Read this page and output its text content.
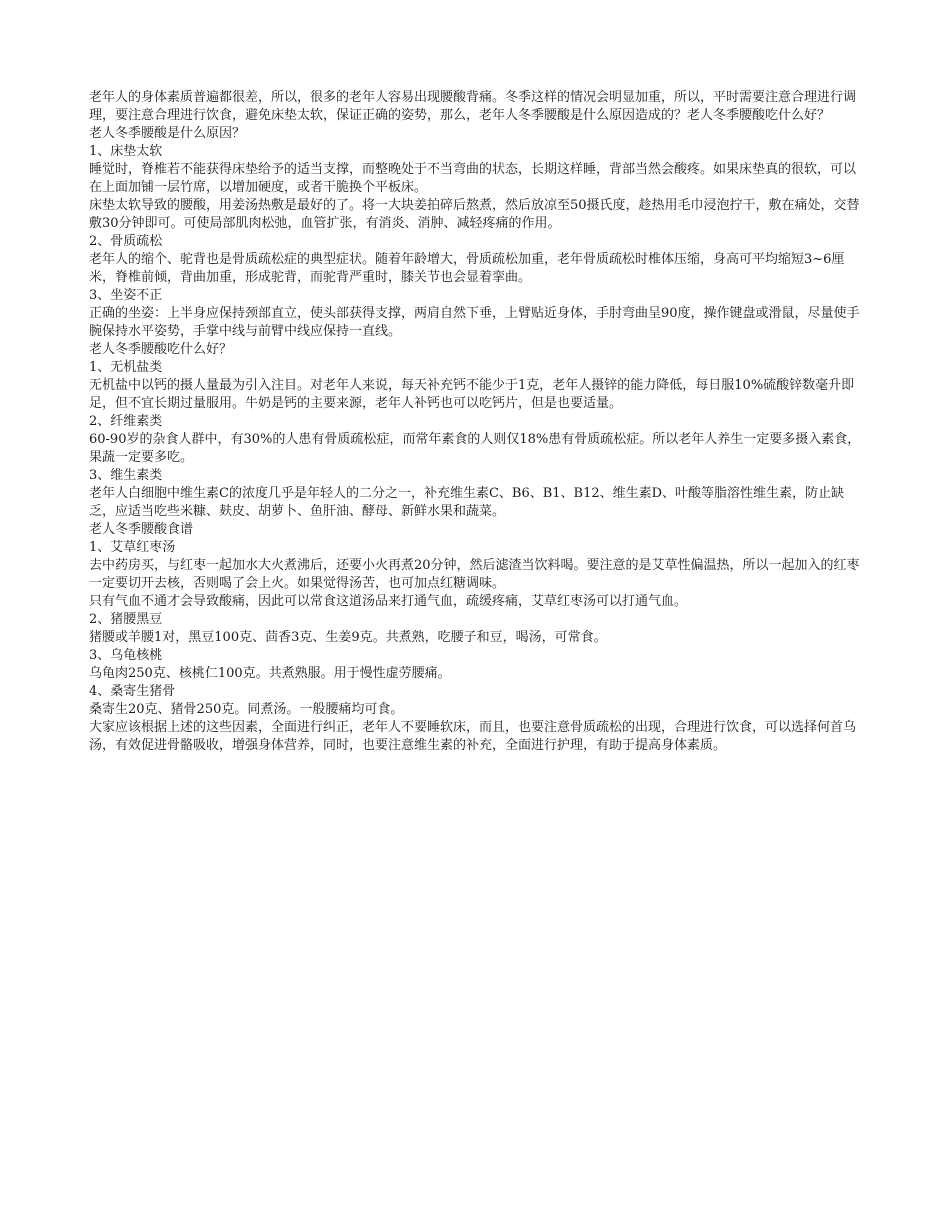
老年人的身体素质普遍都很差，所以，很多的老年人容易出现腰酸背痛。冬季这样的情况会明显加重，所以，平时需要注意合理进行调理，要注意合理进行饮食，避免床垫太软，保证正确的姿势，那么，老年人冬季腰酸是什么原因造成的？老人冬季腰酸吃什么好？

老人冬季腰酸是什么原因？

1、床垫太软

睡觉时，脊椎若不能获得床垫给予的适当支撑，而整晚处于不当弯曲的状态，长期这样睡，背部当然会酸疼。如果床垫真的很软，可以在上面加铺一层竹席，以增加硬度，或者干脆换个平板床。

床垫太软导致的腰酸，用姜汤热敷是最好的了。将一大块姜拍碎后熬煮，然后放凉至50摄氏度，趁热用毛巾浸泡拧干，敷在痛处，交替敷30分钟即可。可使局部肌肉松弛，血管扩张，有消炎、消肿、减轻疼痛的作用。

2、骨质疏松

老年人的缩个、驼背也是骨质疏松症的典型症状。随着年龄增大，骨质疏松加重，老年骨质疏松时椎体压缩，身高可平均缩短3~6厘米，脊椎前倾，背曲加重，形成驼背，而驼背严重时，膝关节也会显着挛曲。

3、坐姿不正

正确的坐姿：上半身应保持颈部直立，使头部获得支撑，两肩自然下垂，上臂贴近身体，手肘弯曲呈90度，操作键盘或滑鼠，尽量使手腕保持水平姿势，手掌中线与前臂中线应保持一直线。

老人冬季腰酸吃什么好？

1、无机盐类

无机盐中以钙的摄人量最为引入注目。对老年人来说，每天补充钙不能少于1克，老年人摄锌的能力降低，每日服10%硫酸锌数毫升即足，但不宜长期过量服用。牛奶是钙的主要来源，老年人补钙也可以吃钙片，但是也要适量。

2、纤维素类

60-90岁的杂食人群中，有30%的人患有骨质疏松症，而常年素食的人则仅18%患有骨质疏松症。所以老年人养生一定要多摄入素食，果蔬一定要多吃。

3、维生素类

老年人白细胞中维生素C的浓度几乎是年轻人的二分之一，补充维生素C、B6、B1、B12、维生素D、叶酸等脂溶性维生素，防止缺乏，应适当吃些米糠、麸皮、胡萝卜、鱼肝油、酵母、新鲜水果和蔬菜。

老人冬季腰酸食谱

1、艾草红枣汤

去中药房买，与红枣一起加水大火煮沸后，还要小火再煮20分钟，然后滤渣当饮料喝。要注意的是艾草性偏温热，所以一起加入的红枣一定要切开去核，否则喝了会上火。如果觉得汤苦，也可加点红糖调味。

只有气血不通才会导致酸痛，因此可以常食这道汤品来打通气血，疏缓疼痛，艾草红枣汤可以打通气血。

2、猪腰黑豆

猪腰或羊腰1对，黑豆100克、茴香3克、生姜9克。共煮熟，吃腰子和豆，喝汤，可常食。

3、乌龟核桃

乌龟肉250克、核桃仁100克。共煮熟服。用于慢性虚劳腰痛。

4、桑寄生猪骨

桑寄生20克、猪骨250克。同煮汤。一般腰痛均可食。

大家应该根据上述的这些因素，全面进行纠正，老年人不要睡软床，而且，也要注意骨质疏松的出现，合理进行饮食，可以选择何首乌汤，有效促进骨骼吸收，增强身体营养，同时，也要注意维生素的补充，全面进行护理，有助于提高身体素质。
